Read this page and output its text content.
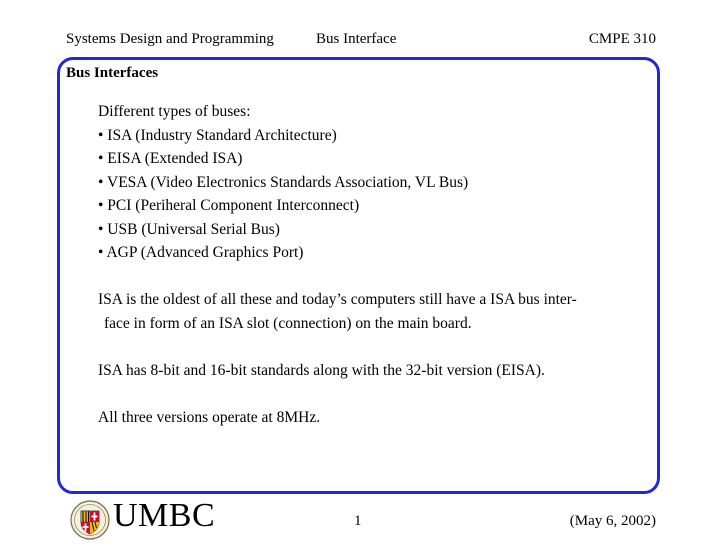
Systems Design and Programming	Bus Interface	CMPE 310
Bus Interfaces
Different types of buses:
• ISA (Industry Standard Architecture)
• EISA (Extended ISA)
• VESA (Video Electronics Standards Association, VL Bus)
• PCI (Periheral Component Interconnect)
• USB (Universal Serial Bus)
• AGP (Advanced Graphics Port)
ISA is the oldest of all these and today’s computers still have a ISA bus inter-
face in form of an ISA slot (connection) on the main board.
ISA has 8-bit and 16-bit standards along with the 32-bit version (EISA).
All three versions operate at 8MHz.
UMBC	1	(May 6, 2002)
